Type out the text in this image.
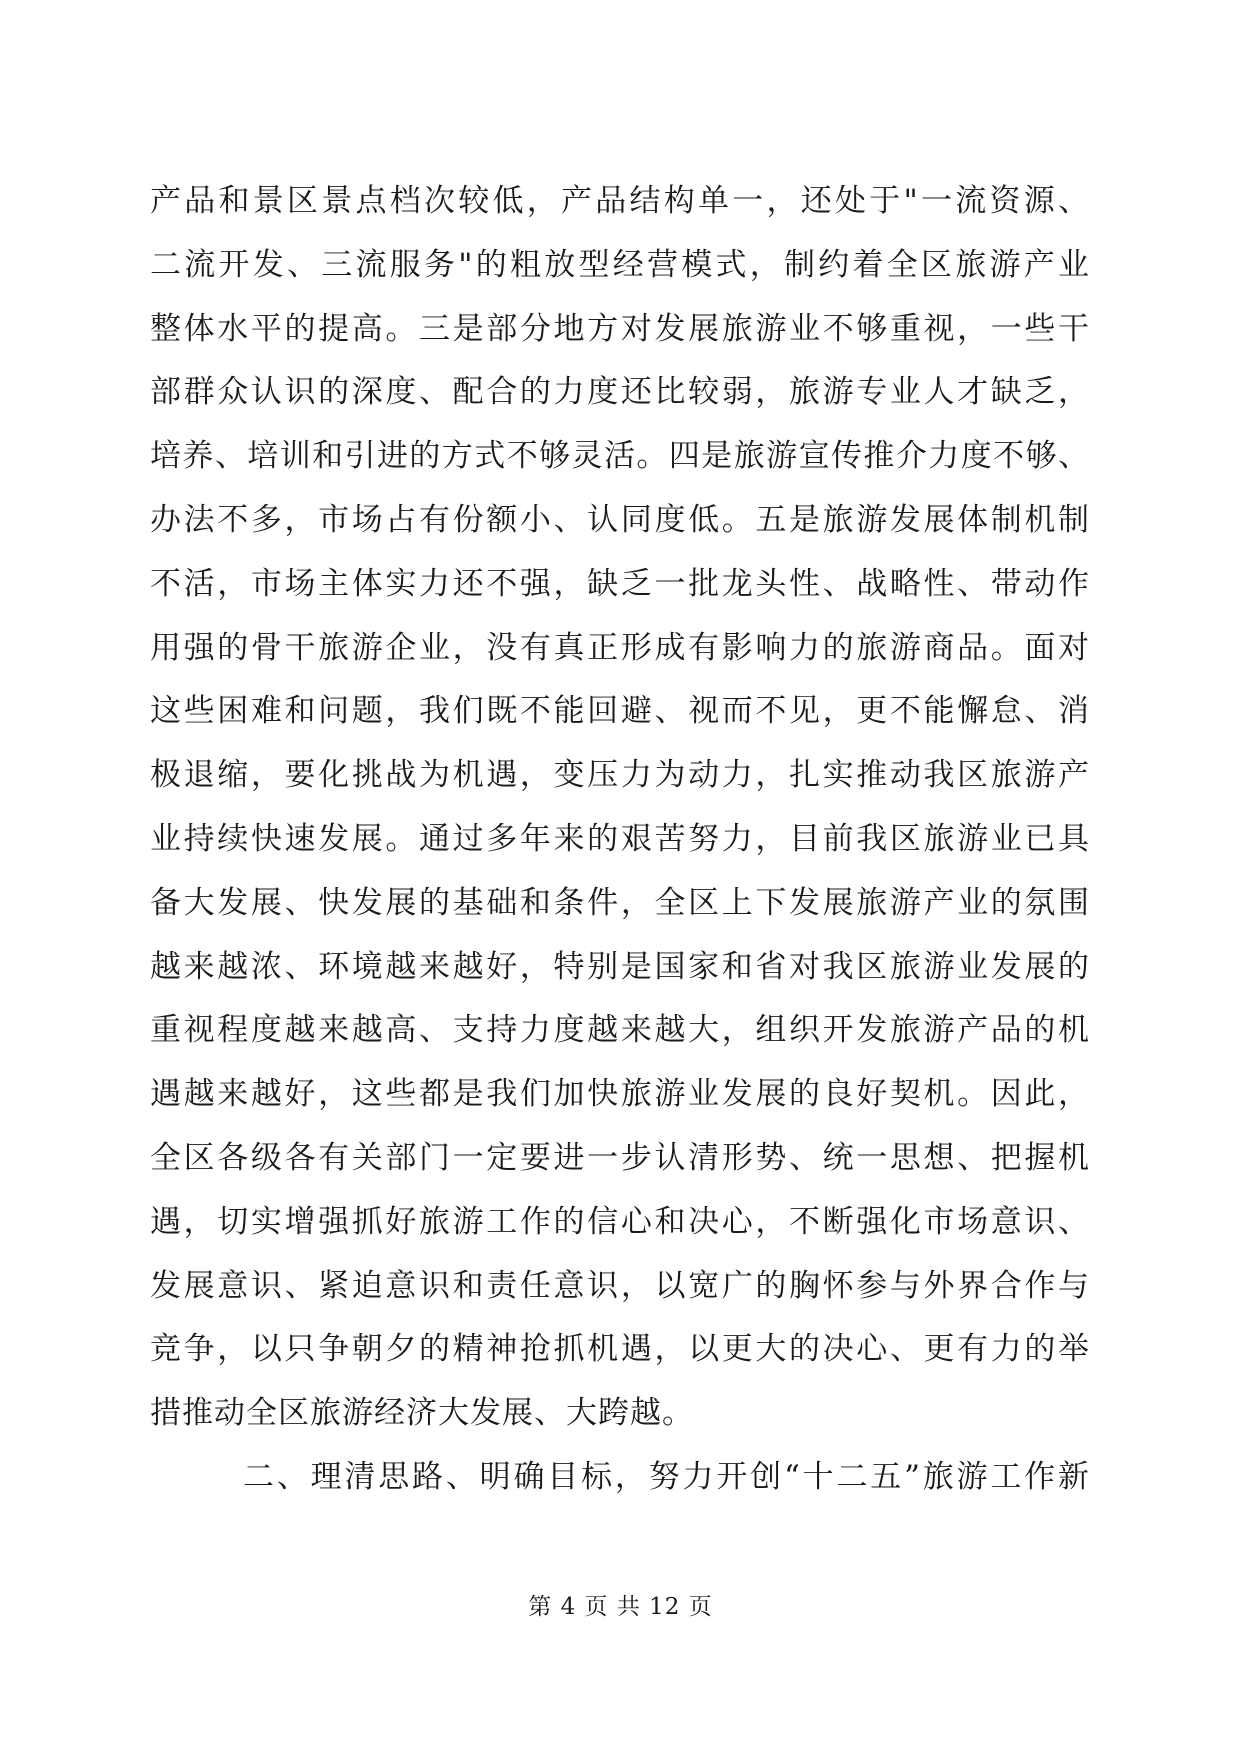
产品和景区景点档次较低，产品结构单一，还处于"一流资源、
二流开发、三流服务"的粗放型经营模式，制约着全区旅游产业
整体水平的提高。三是部分地方对发展旅游业不够重视，一些干
部群众认识的深度、配合的力度还比较弱，旅游专业人才缺乏，
培养、培训和引进的方式不够灵活。四是旅游宣传推介力度不够、
办法不多，市场占有份额小、认同度低。五是旅游发展体制机制
不活，市场主体实力还不强，缺乏一批龙头性、战略性、带动作
用强的骨干旅游企业，没有真正形成有影响力的旅游商品。面对
这些困难和问题，我们既不能回避、视而不见，更不能懈怠、消
极退缩，要化挑战为机遇，变压力为动力，扎实推动我区旅游产
业持续快速发展。通过多年来的艰苦努力，目前我区旅游业已具
备大发展、快发展的基础和条件，全区上下发展旅游产业的氛围
越来越浓、环境越来越好，特别是国家和省对我区旅游业发展的
重视程度越来越高、支持力度越来越大，组织开发旅游产品的机
遇越来越好，这些都是我们加快旅游业发展的良好契机。因此，
全区各级各有关部门一定要进一步认清形势、统一思想、把握机
遇，切实增强抓好旅游工作的信心和决心，不断强化市场意识、
发展意识、紧迫意识和责任意识，以宽广的胸怀参与外界合作与
竞争，以只争朝夕的精神抢抓机遇，以更大的决心、更有力的举
措推动全区旅游经济大发展、大跨越。
二、理清思路、明确目标，努力开创“十二五”旅游工作新
第 4 页 共 12 页
